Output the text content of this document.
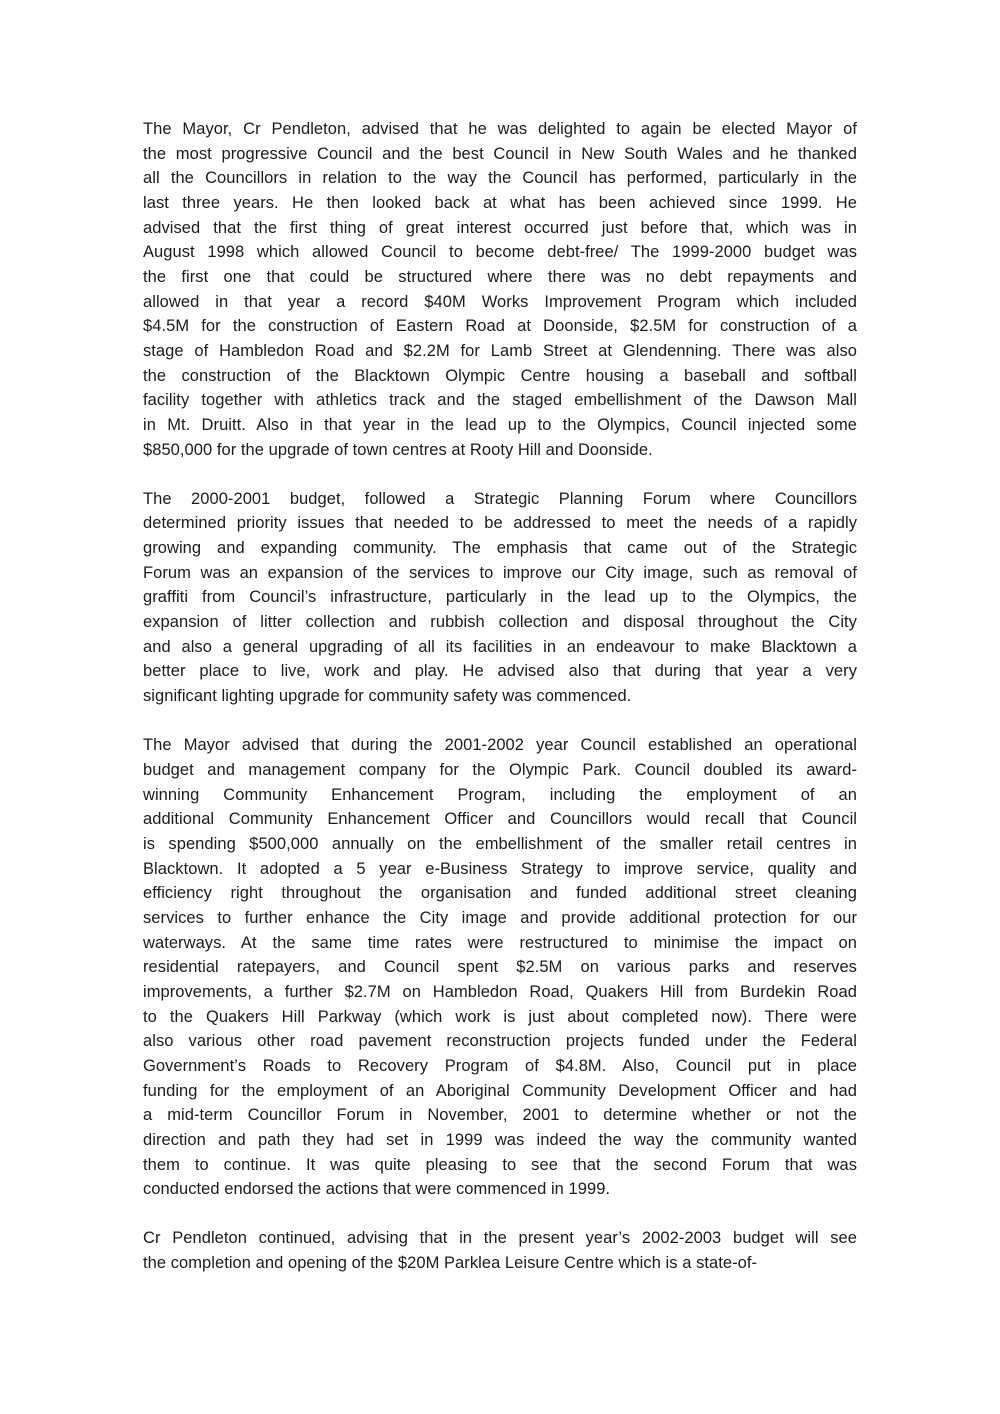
The Mayor, Cr Pendleton, advised that he was delighted to again be elected Mayor of
the most progressive Council and the best Council in New South Wales and he thanked
all the Councillors in relation to the way the Council has performed, particularly in the
last three years. He then looked back at what has been achieved since 1999. He
advised that the first thing of great interest occurred just before that, which was in
August 1998 which allowed Council to become debt-free/ The 1999-2000 budget was
the first one that could be structured where there was no debt repayments and
allowed in that year a record $40M Works Improvement Program which included
$4.5M for the construction of Eastern Road at Doonside, $2.5M for construction of a
stage of Hambledon Road and $2.2M for Lamb Street at Glendenning. There was also
the construction of the Blacktown Olympic Centre housing a baseball and softball
facility together with athletics track and the staged embellishment of the Dawson Mall
in Mt. Druitt. Also in that year in the lead up to the Olympics, Council injected some
$850,000 for the upgrade of town centres at Rooty Hill and Doonside.
The 2000-2001 budget, followed a Strategic Planning Forum where Councillors
determined priority issues that needed to be addressed to meet the needs of a rapidly
growing and expanding community. The emphasis that came out of the Strategic
Forum was an expansion of the services to improve our City image, such as removal of
graffiti from Council’s infrastructure, particularly in the lead up to the Olympics, the
expansion of litter collection and rubbish collection and disposal throughout the City
and also a general upgrading of all its facilities in an endeavour to make Blacktown a
better place to live, work and play. He advised also that during that year a very
significant lighting upgrade for community safety was commenced.
The Mayor advised that during the 2001-2002 year Council established an operational
budget and management company for the Olympic Park. Council doubled its award-
winning Community Enhancement Program, including the employment of an
additional Community Enhancement Officer and Councillors would recall that Council
is spending $500,000 annually on the embellishment of the smaller retail centres in
Blacktown. It adopted a 5 year e-Business Strategy to improve service, quality and
efficiency right throughout the organisation and funded additional street cleaning
services to further enhance the City image and provide additional protection for our
waterways. At the same time rates were restructured to minimise the impact on
residential ratepayers, and Council spent $2.5M on various parks and reserves
improvements, a further $2.7M on Hambledon Road, Quakers Hill from Burdekin Road
to the Quakers Hill Parkway (which work is just about completed now). There were
also various other road pavement reconstruction projects funded under the Federal
Government’s Roads to Recovery Program of $4.8M. Also, Council put in place
funding for the employment of an Aboriginal Community Development Officer and had
a mid-term Councillor Forum in November, 2001 to determine whether or not the
direction and path they had set in 1999 was indeed the way the community wanted
them to continue. It was quite pleasing to see that the second Forum that was
conducted endorsed the actions that were commenced in 1999.
Cr Pendleton continued, advising that in the present year’s 2002-2003 budget will see
the completion and opening of the $20M Parklea Leisure Centre which is a state-of-
